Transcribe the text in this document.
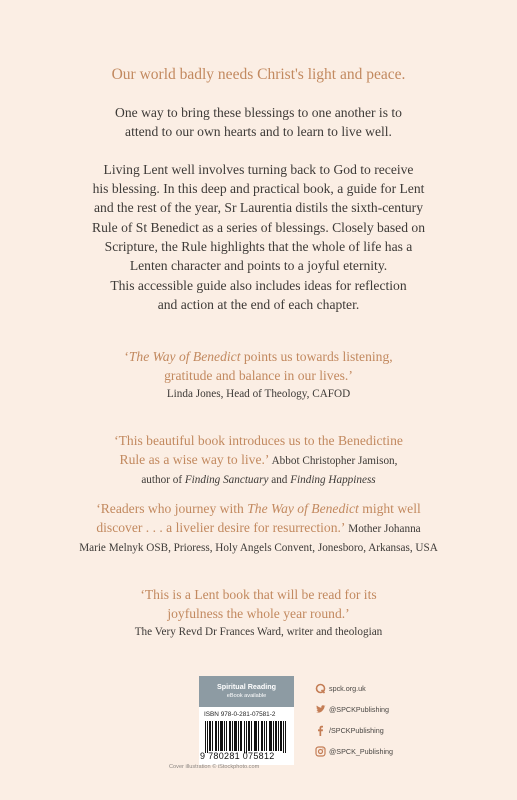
Our world badly needs Christ's light and peace.

One way to bring these blessings to one another is to
attend to our own hearts and to learn to live well.

Living Lent well involves turning back to God to receive
his blessing. In this deep and practical book, a guide for Lent
and the rest of the year, Sr Laurentia distils the sixth-century
Rule of St Benedict as a series of blessings. Closely based on
Scripture, the Rule highlights that the whole of life has a
Lenten character and points to a joyful eternity.

This accessible guide also includes ideas for reflection
and action at the end of each chapter.

‘The Way of Benedict points us towards listening,
gratitude and balance in our lives.’
Linda Jones, Head of Theology, CAFOD
‘This beautiful book introduces us to the Benedictine
Rule as a wise way to live.’ Abbot Christopher Jamison,
author of Finding Sanctuary and Finding Happiness
‘Readers who journey with The Way of Benedict might well
discover . . . a livelier desire for resurrection.’ Mother Johanna
Marie Melnyk OSB, Prioress, Holy Angels Convent, Jonesboro, Arkansas, USA
‘This is a Lent book that will be read for its
joyfulness the whole year round.’
The Very Revd Dr Frances Ward, writer and theologian
Spiritual Reading
eBook available
ISBN 978-0-281-07581-2
9 780281 075812
Cover illustration © iStockphoto.com
spck.org.uk
@SPCKPublishing
/SPCKPublishing
@SPCK_Publishing
